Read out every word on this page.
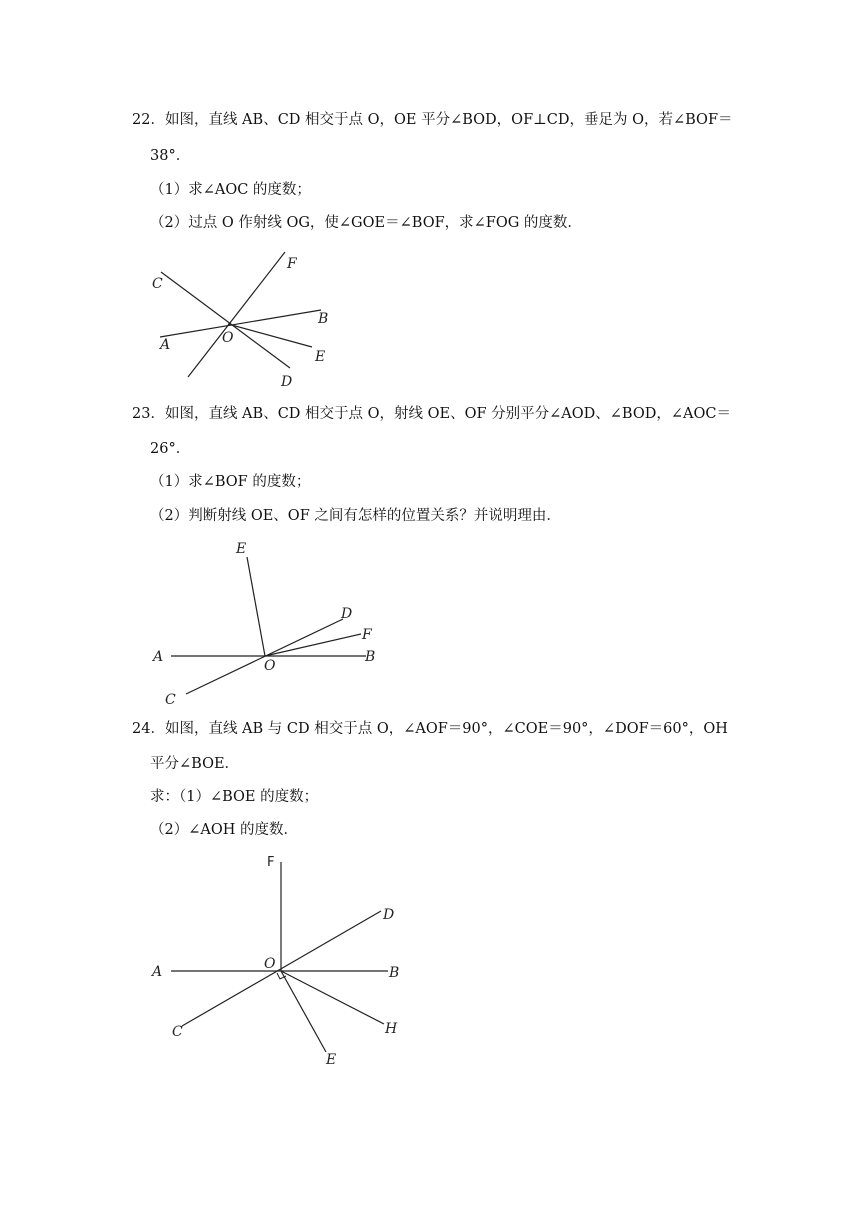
22．如图，直线 AB、CD 相交于点 O，OE 平分∠BOD，OF⊥CD，垂足为 O，若∠BOF＝
38°．
（1）求∠AOC 的度数；
（2）过点 O 作射线 OG，使∠GOE＝∠BOF，求∠FOG 的度数．
C
F
B
A	O
E
D
23．如图，直线 AB、CD 相交于点 O，射线 OE、OF 分别平分∠AOD、∠BOD，∠AOC＝
26°．
（1）求∠BOF 的度数；
（2）判断射线 OE、OF 之间有怎样的位置关系？并说明理由．
E
D
F
A
O
B
C
24．如图，直线 AB 与 CD 相交于点 O，∠AOF＝90°，∠COE＝90°，∠DOF＝60°，OH
平分∠BOE．
求：（1）∠BOE 的度数；
（2）∠AOH 的度数．
F
D
A	O
B
C	H
E
